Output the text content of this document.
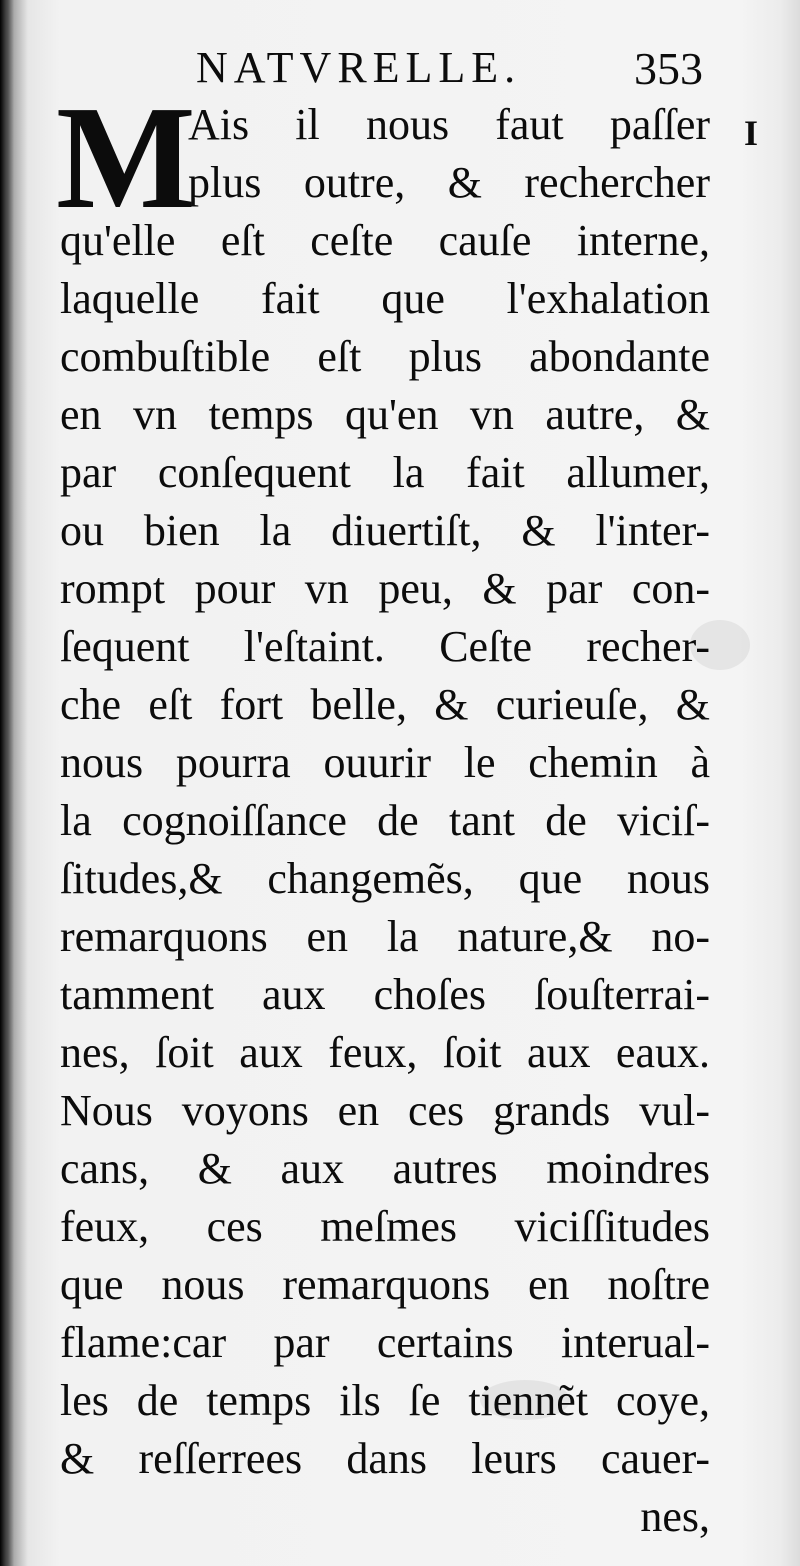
NATVRELLE. 353
I
M
Ais il nous faut paſſer
plus outre, & rechercher
qu'elle eſt ceſte cauſe interne,
laquelle fait que l'exhalation
combuſtible eſt plus abondante
en vn temps qu'en vn autre, &
par conſequent la fait allumer,
ou bien la diuertiſt, & l'inter-
rompt pour vn peu, & par con-
ſequent l'eſtaint. Ceſte recher-
che eſt fort belle, & curieuſe, &
nous pourra ouurir le chemin à
la cognoiſſance de tant de viciſ-
ſitudes,& changemẽs, que nous
remarquons en la nature,& no-
tamment aux choſes ſouſterrai-
nes, ſoit aux feux, ſoit aux eaux.
Nous voyons en ces grands vul-
cans, & aux autres moindres
feux, ces meſmes viciſſitudes
que nous remarquons en noſtre
flame:car par certains interual-
les de temps ils ſe tiennẽt coye,
& reſſerrees dans leurs cauer-
nes,
